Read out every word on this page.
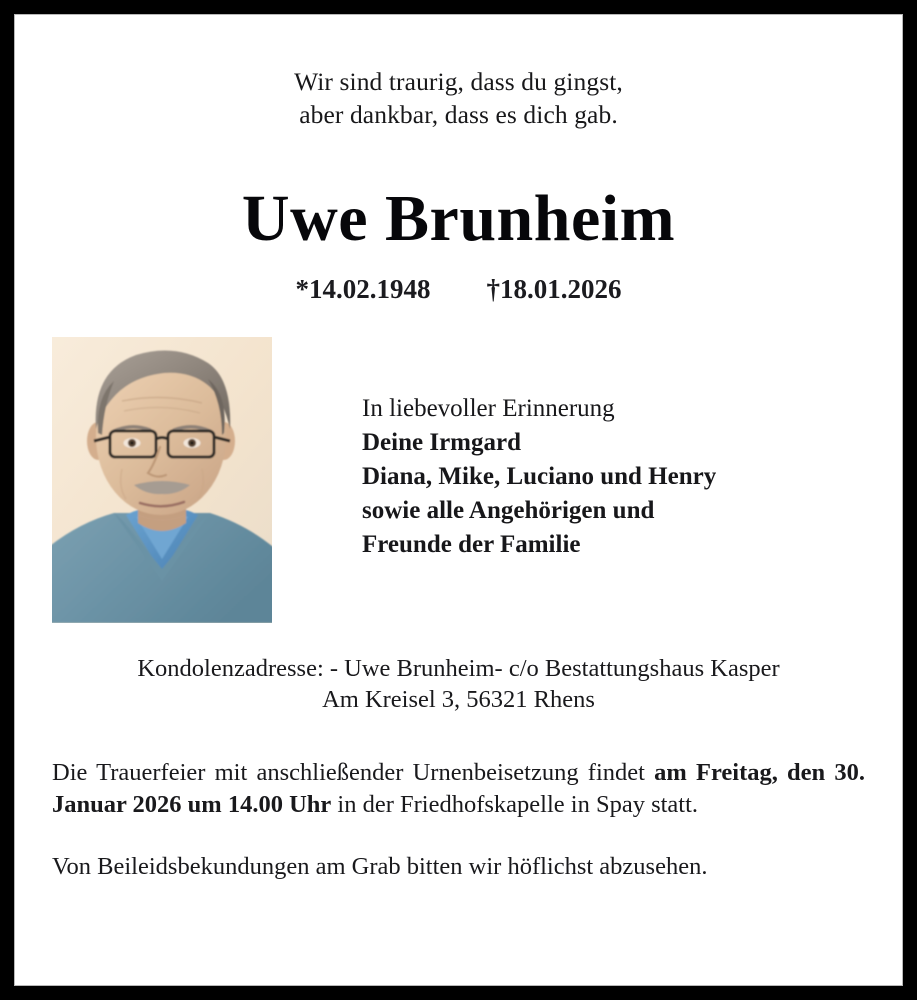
Wir sind traurig, dass du gingst,
aber dankbar, dass es dich gab.
Uwe Brunheim
*14.02.1948 †18.01.2026
In liebevoller Erinnerung
Deine Irmgard
Diana, Mike, Luciano und Henry
sowie alle Angehörigen und
Freunde der Familie
Kondolenzadresse: - Uwe Brunheim- c/o Bestattungshaus Kasper
Am Kreisel 3, 56321 Rhens
Die Trauerfeier mit anschließender Urnenbeisetzung findet am Freitag, den 30. Januar 2026 um 14.00 Uhr in der Friedhofskapelle in Spay statt.
Von Beileidsbekundungen am Grab bitten wir höflichst abzusehen.
